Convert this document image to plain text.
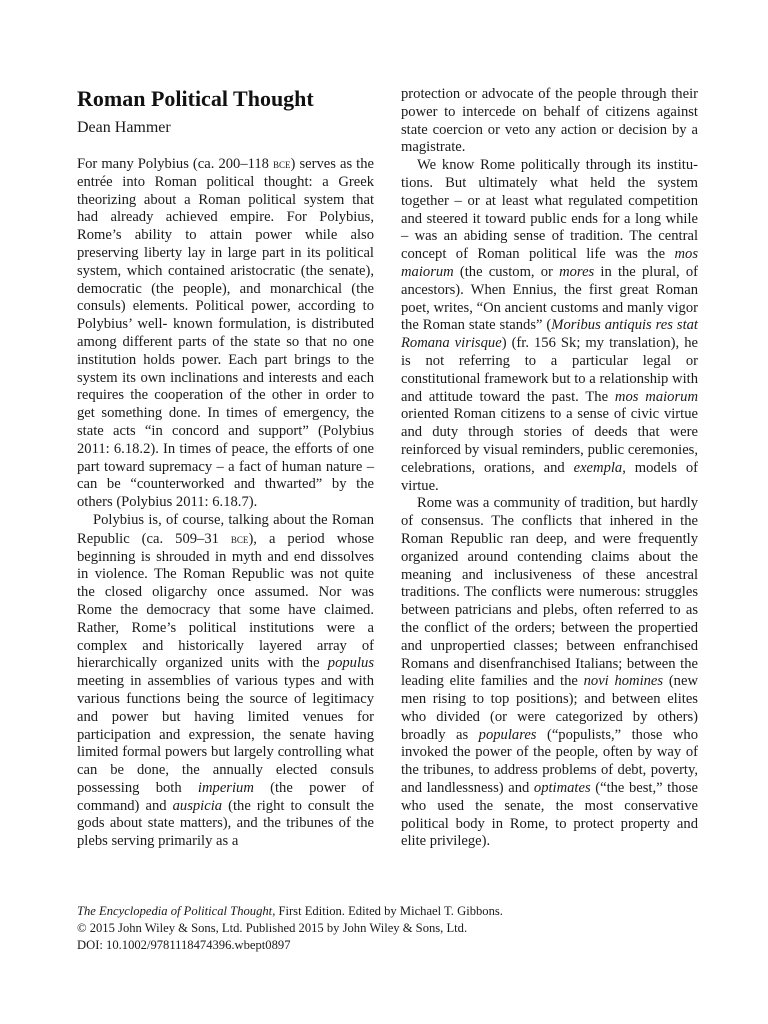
Roman Political Thought
Dean Hammer

For many Polybius (ca. 200–118 bce) serves as the entrée into Roman political thought: a Greek theorizing about a Roman political system that had already achieved empire. For Polybius, Rome’s ability to attain power while also preserving liberty lay in large part in its political system, which contained aristocratic (the senate), democratic (the people), and monarchical (the consuls) elements. Political power, according to Polybius’ well- known formulation, is distributed among different parts of the state so that no one institution holds power. Each part brings to the system its own inclinations and interests and each requires the cooperation of the other in order to get something done. In times of emergency, the state acts “in concord and support” (Polybius 2011: 6.18.2). In times of peace, the efforts of one part toward supremacy – a fact of human nature – can be “counterworked and thwarted” by the others (Polybius 2011: 6.18.7).

Polybius is, of course, talking about the Roman Republic (ca. 509–31 bce), a period whose beginning is shrouded in myth and end dissolves in violence. The Roman Republic was not quite the closed oligarchy once assumed. Nor was Rome the democracy that some have claimed. Rather, Rome’s political institutions were a complex and historically layered array of hierarchically organized units with the populus meeting in assemblies of various types and with various functions being the source of legitimacy and power but having limited venues for participation and expression, the senate having limited formal powers but largely controlling what can be done, the annually elected consuls possessing both imperium (the power of command) and auspicia (the right to consult the gods about state matters), and the tribunes of the plebs serving primarily as a

protection or advocate of the people through their power to intercede on behalf of citizens against state coercion or veto any action or decision by a magistrate.

We know Rome politically through its institutions. But ultimately what held the system together – or at least what regulated competition and steered it toward public ends for a long while – was an abiding sense of tradition. The central concept of Roman political life was the mos maiorum (the custom, or mores in the plural, of ancestors). When Ennius, the first great Roman poet, writes, “On ancient customs and manly vigor the Roman state stands” (Moribus antiquis res stat Romana virisque) (fr. 156 Sk; my translation), he is not referring to a particular legal or constitutional framework but to a relationship with and attitude toward the past. The mos maiorum oriented Roman citizens to a sense of civic virtue and duty through stories of deeds that were reinforced by visual reminders, public ceremonies, celebrations, orations, and exempla, models of virtue.

Rome was a community of tradition, but hardly of consensus. The conflicts that inhered in the Roman Republic ran deep, and were frequently organized around contending claims about the meaning and inclusiveness of these ancestral traditions. The conflicts were numerous: struggles between patricians and plebs, often referred to as the conflict of the orders; between the propertied and unpropertied classes; between enfranchised Romans and disenfranchised Italians; between the leading elite families and the novi homines (new men rising to top positions); and between elites who divided (or were categorized by others) broadly as populares (“populists,” those who invoked the power of the people, often by way of the tribunes, to address problems of debt, poverty, and landlessness) and optimates (“the best,” those who used the senate, the most conservative political body in Rome, to protect property and elite privilege).

The Encyclopedia of Political Thought, First Edition. Edited by Michael T. Gibbons.
© 2015 John Wiley & Sons, Ltd. Published 2015 by John Wiley & Sons, Ltd.
DOI: 10.1002/9781118474396.wbept0897
